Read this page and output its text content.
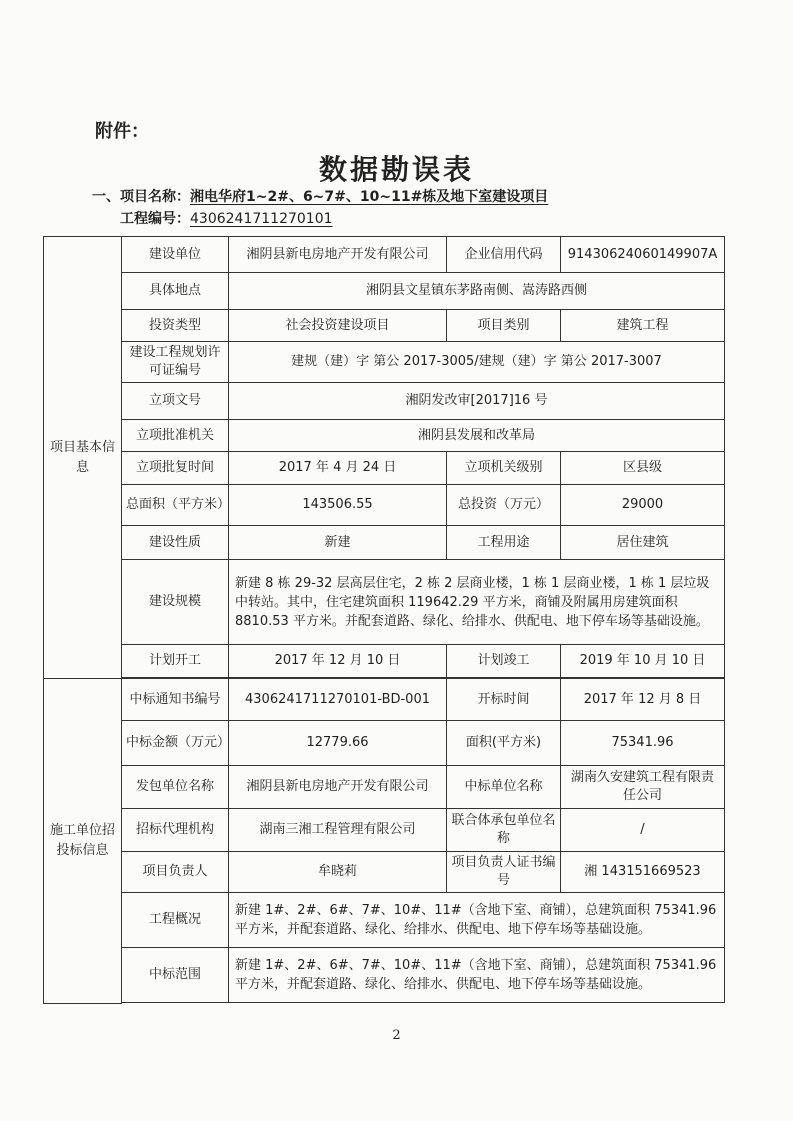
附件：
数据勘误表
一、项目名称：湘电华府1~2#、6~7#、10~11#栋及地下室建设项目
工程编号：4306241711270101
项目基本信息	建设单位	湘阴县新电房地产开发有限公司	企业信用代码	91430624060149907A
	具体地点	湘阴县文星镇东茅路南侧、嵩涛路西侧		
	投资类型	社会投资建设项目	项目类别	建筑工程
	建设工程规划许可证编号	建规（建）字 第公 2017-3005/建规（建）字 第公 2017-3007		
	立项文号	湘阴发改审[2017]16 号		
	立项批准机关	湘阴县发展和改革局		
	立项批复时间	2017 年 4 月 24 日	立项机关级别	区县级
	总面积（平方米）	143506.55	总投资（万元）	29000
	建设性质	新建	工程用途	居住建筑
	建设规模	新建 8 栋 29-32 层高层住宅，2 栋 2 层商业楼，1 栋 1 层商业楼，1 栋 1 层垃圾中转站。其中，住宅建筑面积 119642.29 平方米，商铺及附属用房建筑面积 8810.53 平方米。并配套道路、绿化、给排水、供配电、地下停车场等基础设施。		
	计划开工	2017 年 12 月 10 日	计划竣工	2019 年 10 月 10 日

施工单位招投标信息	中标通知书编号	4306241711270101-BD-001	开标时间	2017 年 12 月 8 日
	中标金额（万元）	12779.66	面积(平方米)	75341.96
	发包单位名称	湘阴县新电房地产开发有限公司	中标单位名称	湖南久安建筑工程有限责任公司
	招标代理机构	湖南三湘工程管理有限公司	联合体承包单位名称	/
	项目负责人	牟晓莉	项目负责人证书编号	湘 143151669523
	工程概况	新建 1#、2#、6#、7#、10#、11#（含地下室、商铺），总建筑面积 75341.96 平方米，并配套道路、绿化、给排水、供配电、地下停车场等基础设施。		
	中标范围	新建 1#、2#、6#、7#、10#、11#（含地下室、商铺），总建筑面积 75341.96 平方米，并配套道路、绿化、给排水、供配电、地下停车场等基础设施。		

2
